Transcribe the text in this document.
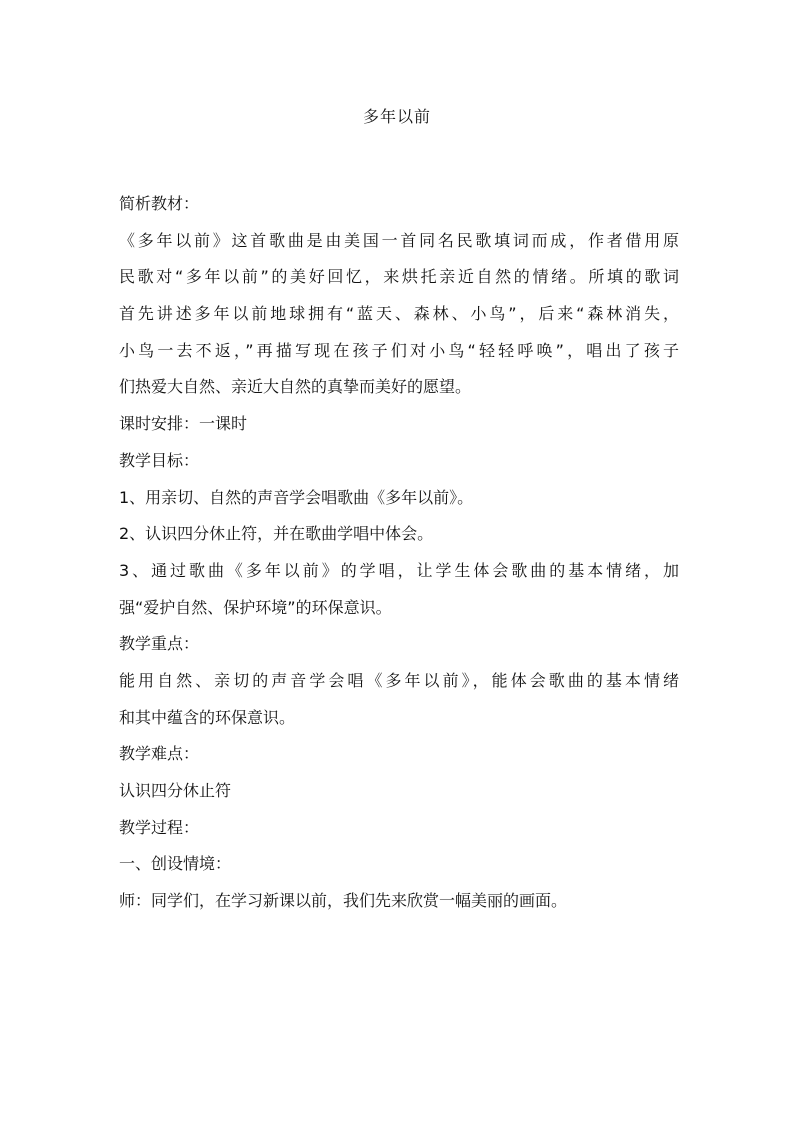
多年以前
简析教材：
《多年以前》这首歌曲是由美国一首同名民歌填词而成，作者借用原
民歌对“多年以前”的美好回忆，来烘托亲近自然的情绪。所填的歌词
首先讲述多年以前地球拥有“蓝天、森林、小鸟”，后来“森林消失，
小鸟一去不返，”再描写现在孩子们对小鸟“轻轻呼唤”，唱出了孩子
们热爱大自然、亲近大自然的真挚而美好的愿望。
课时安排：一课时
教学目标：
1、用亲切、自然的声音学会唱歌曲《多年以前》。
2、认识四分休止符，并在歌曲学唱中体会。
3、通过歌曲《多年以前》的学唱，让学生体会歌曲的基本情绪，加
强“爱护自然、保护环境”的环保意识。
教学重点：
能用自然、亲切的声音学会唱《多年以前》，能体会歌曲的基本情绪
和其中蕴含的环保意识。
教学难点：
认识四分休止符
教学过程：
一、创设情境：
师：同学们，在学习新课以前，我们先来欣赏一幅美丽的画面。
